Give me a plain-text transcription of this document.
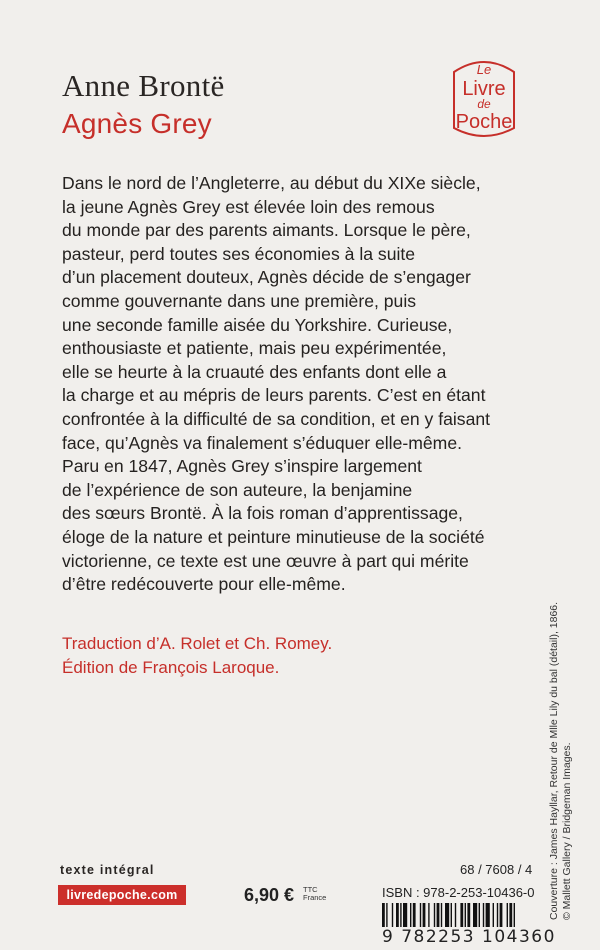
Anne Brontë
Agnès Grey
Le
Livre
de
Poche
Dans le nord de l’Angleterre, au début du XIXe siècle,
la jeune Agnès Grey est élevée loin des remous
du monde par des parents aimants. Lorsque le père,
pasteur, perd toutes ses économies à la suite
d’un placement douteux, Agnès décide de s’engager
comme gouvernante dans une première, puis
une seconde famille aisée du Yorkshire. Curieuse,
enthousiaste et patiente, mais peu expérimentée,
elle se heurte à la cruauté des enfants dont elle a
la charge et au mépris de leurs parents. C’est en étant
confrontée à la difficulté de sa condition, et en y faisant
face, qu’Agnès va finalement s’éduquer elle-même.
Paru en 1847, Agnès Grey s’inspire largement
de l’expérience de son auteure, la benjamine
des sœurs Brontë. À la fois roman d’apprentissage,
éloge de la nature et peinture minutieuse de la société
victorienne, ce texte est une œuvre à part qui mérite
d’être redécouverte pour elle-même.
Traduction d’A. Rolet et Ch. Romey.
Édition de François Laroque.	Couverture : James Hayllar, Retour de Mlle Lily du bal (détail), 1866. © Mallett Gallery / Bridgeman Images.
texte intégral
livredepoche.com	6,90 € TTC
France
68 / 7608 / 4
ISBN : 978-2-253-10436-0
9 782253 104360
